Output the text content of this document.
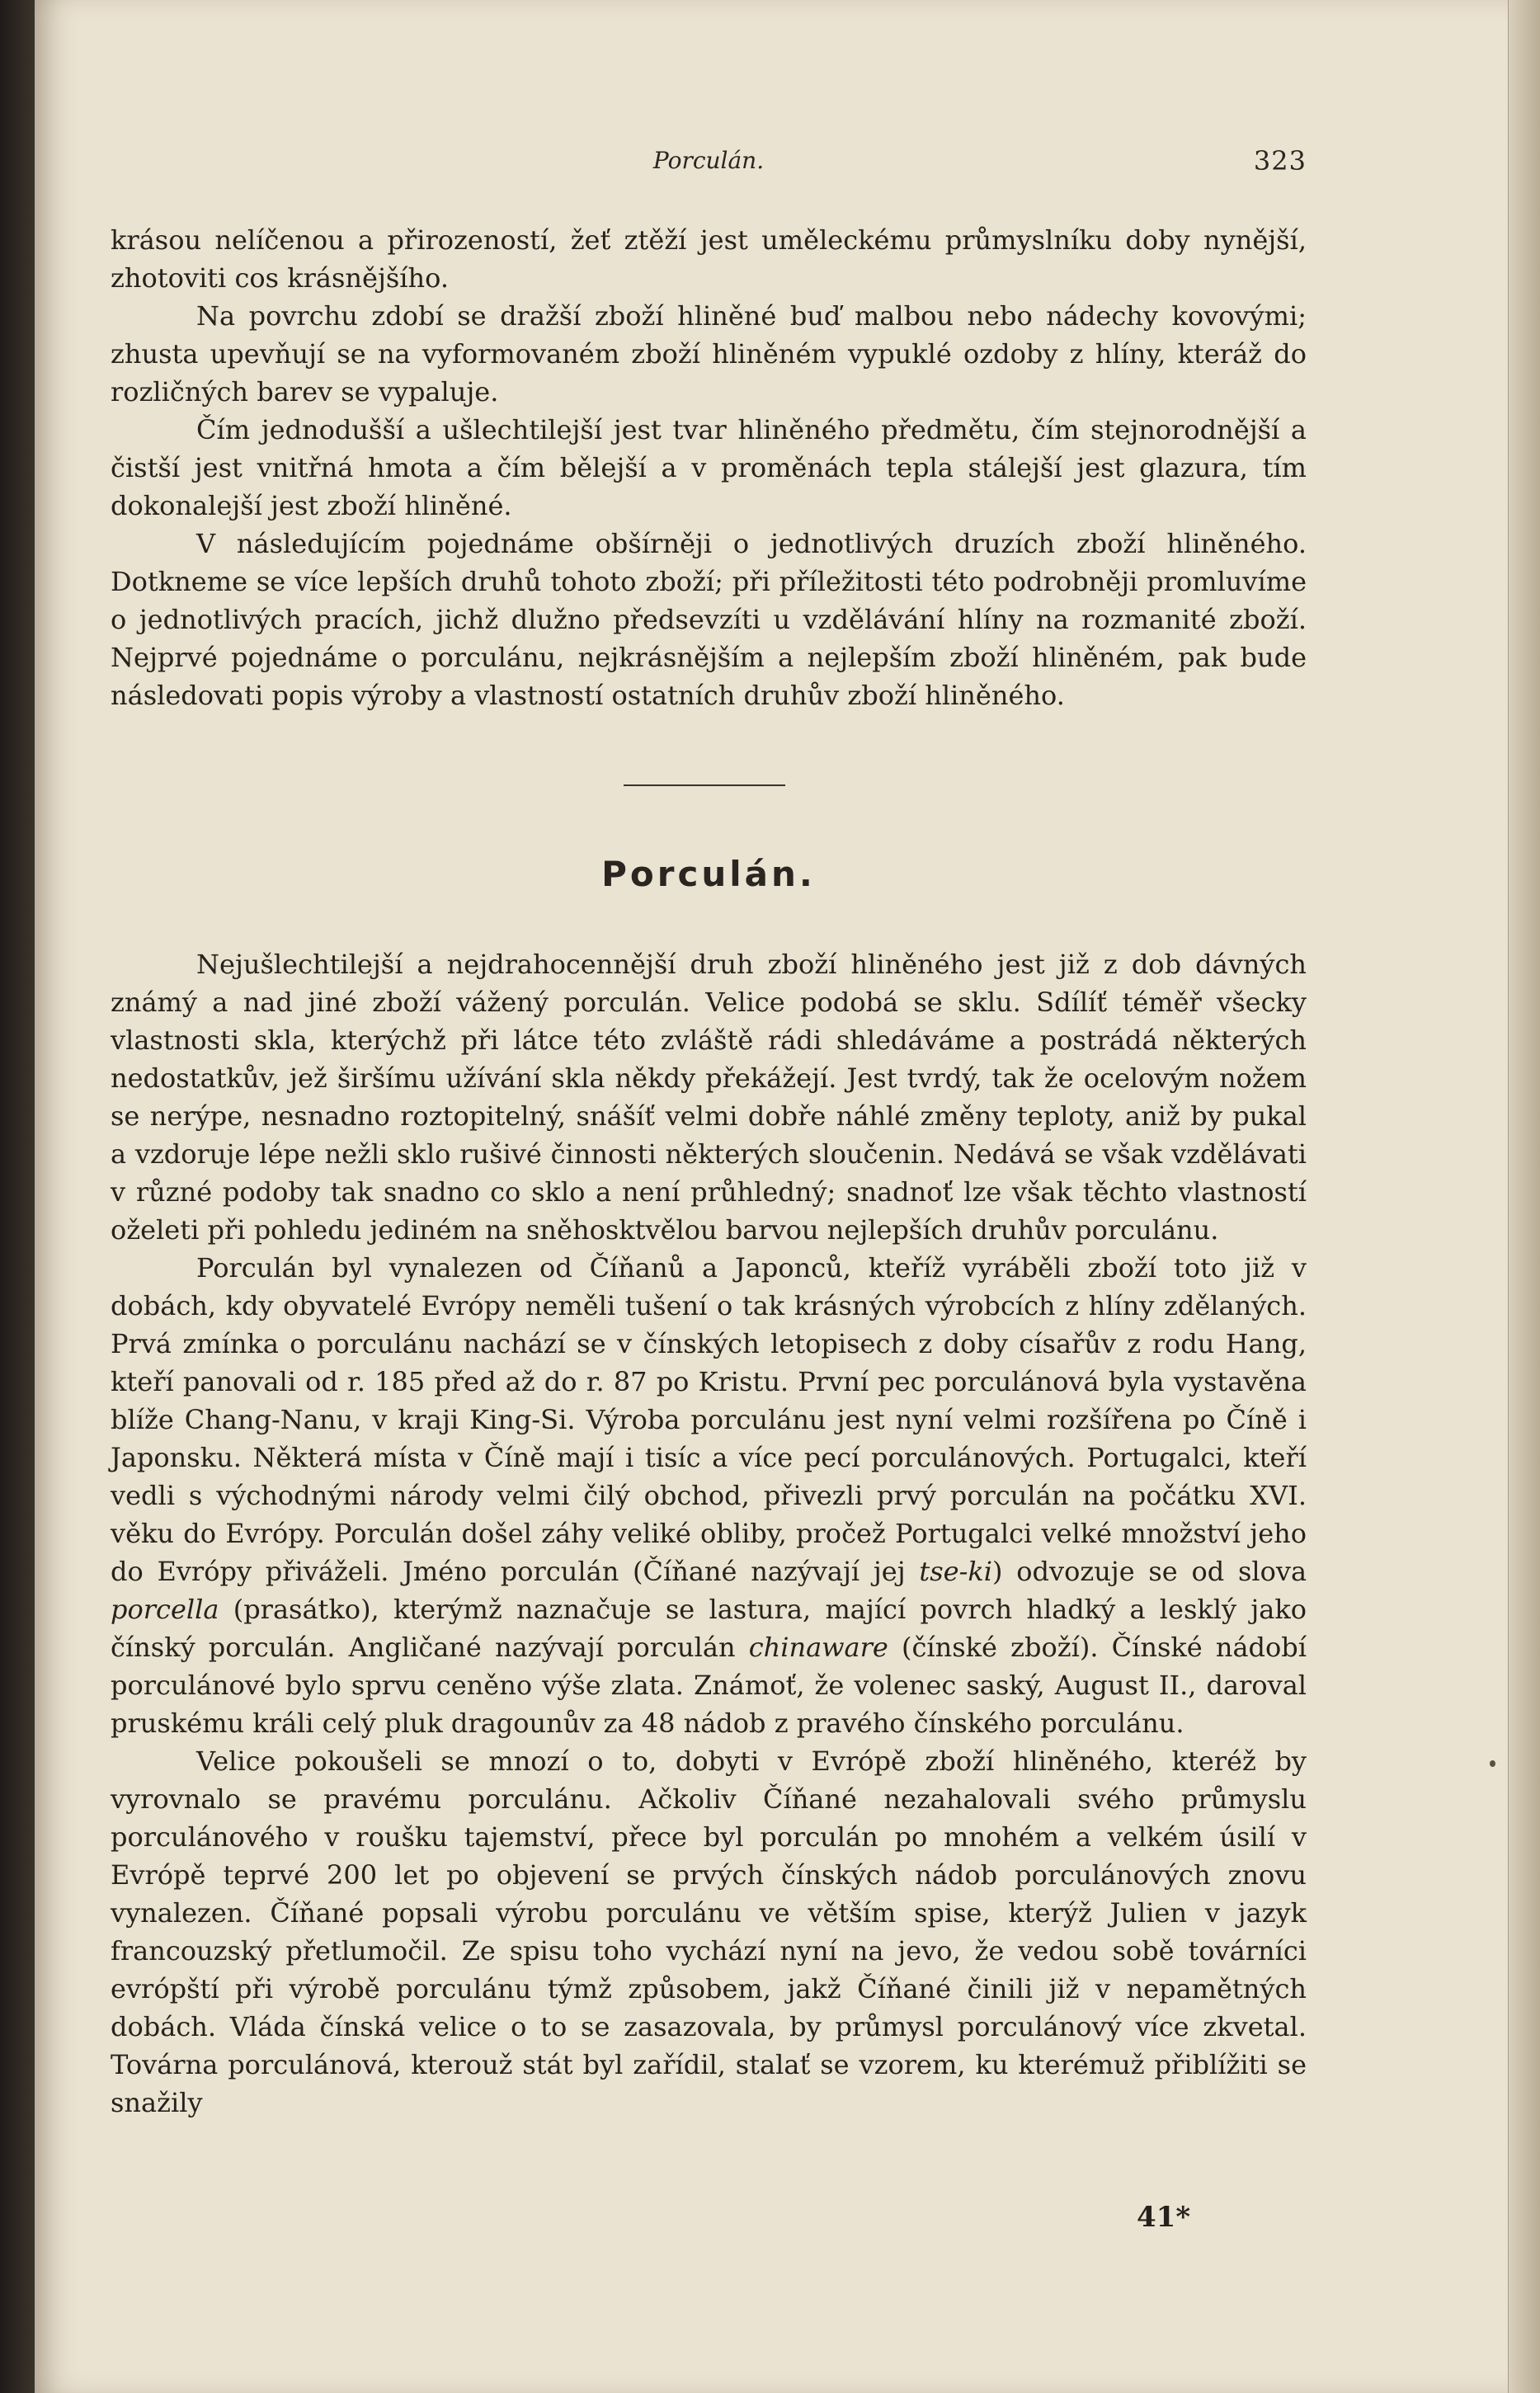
Porculán.	323

krásou nelíčenou a přirozeností, žeť ztěží jest uměleckému průmyslníku doby nynější, zhotoviti cos krásnějšího.

Na povrchu zdobí se dražší zboží hliněné buď malbou nebo nádechy kovovými; zhusta upevňují se na vyformovaném zboží hliněném vypuklé ozdoby z hlíny, kteráž do rozličných barev se vypaluje.

Čím jednodušší a ušlechtilejší jest tvar hliněného předmětu, čím stejnorodnější a čistší jest vnitřná hmota a čím bělejší a v proměnách tepla stálejší jest glazura, tím dokonalejší jest zboží hliněné.

V následujícím pojednáme obšírněji o jednotlivých druzích zboží hliněného. Dotkneme se více lepších druhů tohoto zboží; při příležitosti této podrobněji promluvíme o jednotlivých pracích, jichž dlužno předsevzíti u vzdělávání hlíny na rozmanité zboží. Nejprvé pojednáme o porculánu, nejkrásnějším a nejlepším zboží hliněném, pak bude následovati popis výroby a vlastností ostatních druhův zboží hliněného.

Porculán.

Nejušlechtilejší a nejdrahocennější druh zboží hliněného jest již z dob dávných známý a nad jiné zboží vážený porculán. Velice podobá se sklu. Sdílíť téměř všecky vlastnosti skla, kterýchž při látce této zvláště rádi shledáváme a postrádá některých nedostatkův, jež širšímu užívání skla někdy překážejí. Jest tvrdý, tak že ocelovým nožem se nerýpe, nesnadno roztopitelný, snášíť velmi dobře náhlé změny teploty, aniž by pukal a vzdoruje lépe nežli sklo rušivé činnosti některých sloučenin. Nedává se však vzdělávati v různé podoby tak snadno co sklo a není průhledný; snadnoť lze však těchto vlastností oželeti při pohledu jediném na sněhosktvělou barvou nejlepších druhův porculánu.

Porculán byl vynalezen od Číňanů a Japonců, kteříž vyráběli zboží toto již v dobách, kdy obyvatelé Evrópy neměli tušení o tak krásných výrobcích z hlíny zdělaných. Prvá zmínka o porculánu nachází se v čínských letopisech z doby císařův z rodu Hang, kteří panovali od r. 185 před až do r. 87 po Kristu. První pec porculánová byla vystavěna blíže Chang-Nanu, v kraji King-Si. Výroba porculánu jest nyní velmi rozšířena po Číně i Japonsku. Některá místa v Číně mají i tisíc a více pecí porculánových. Portugalci, kteří vedli s východnými národy velmi čilý obchod, přivezli prvý porculán na počátku XVI. věku do Evrópy. Porculán došel záhy veliké obliby, pročež Portugalci velké množství jeho do Evrópy přiváželi. Jméno porculán (Číňané nazývají jej tse-ki) odvozuje se od slova porcella (prasátko), kterýmž naznačuje se lastura, mající povrch hladký a lesklý jako čínský porculán. Angličané nazývají porculán chinaware (čínské zboží). Čínské nádobí porculánové bylo sprvu ceněno výše zlata. Známoť, že volenec saský, August II., daroval pruskému králi celý pluk dragounův za 48 nádob z pravého čínského porculánu.

Velice pokoušeli se mnozí o to, dobyti v Evrópě zboží hliněného, kteréž by vyrovnalo se pravému porculánu. Ačkoliv Číňané nezahalovali svého průmyslu porculánového v roušku tajemství, přece byl porculán po mnohém a velkém úsilí v Evrópě teprvé 200 let po objevení se prvých čínských nádob porculánových znovu vynalezen. Číňané popsali výrobu porculánu ve větším spise, kterýž Julien v jazyk francouzský přetlumočil. Ze spisu toho vychází nyní na jevo, že vedou sobě továrníci evrópští při výrobě porculánu týmž způsobem, jakž Číňané činili již v nepamětných dobách. Vláda čínská velice o to se zasazovala, by průmysl porculánový více zkvetal. Továrna porculánová, kterouž stát byl zařídil, stalať se vzorem, ku kterémuž přiblížiti se snažily

41*
